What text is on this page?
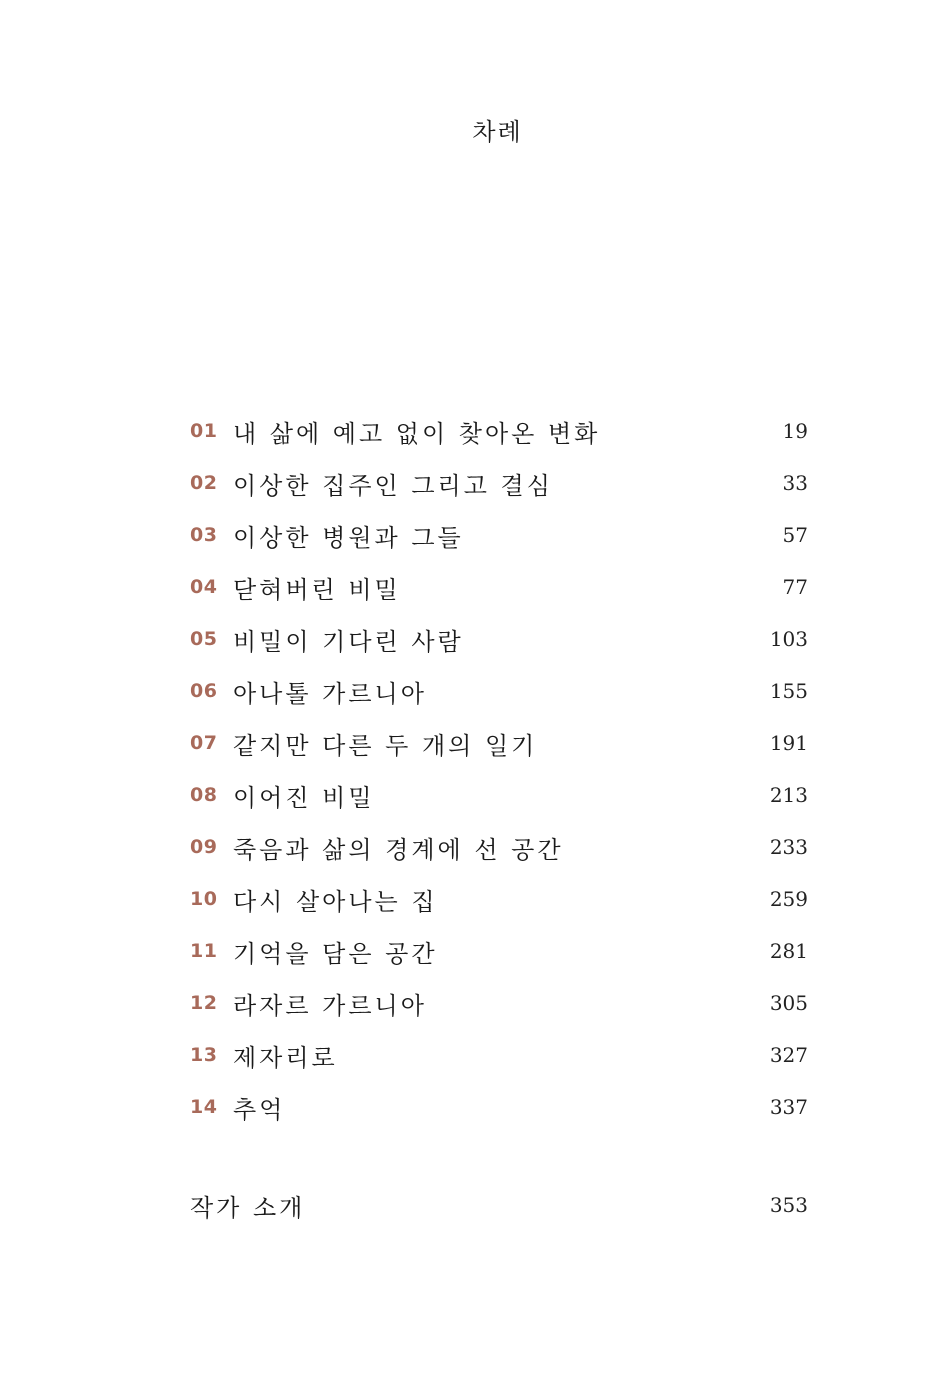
차례
01 내 삶에 예고 없이 찾아온 변화	19
02 이상한 집주인 그리고 결심	33
03 이상한 병원과 그들	57
04 닫혀버린 비밀	77
05 비밀이 기다린 사람	103
06 아나톨 가르니아	155
07 같지만 다른 두 개의 일기	191
08 이어진 비밀	213
09 죽음과 삶의 경계에 선 공간	233
10 다시 살아나는 집	259
11 기억을 담은 공간	281
12 라자르 가르니아	305
13 제자리로	327
14 추억	337
작가 소개	353
